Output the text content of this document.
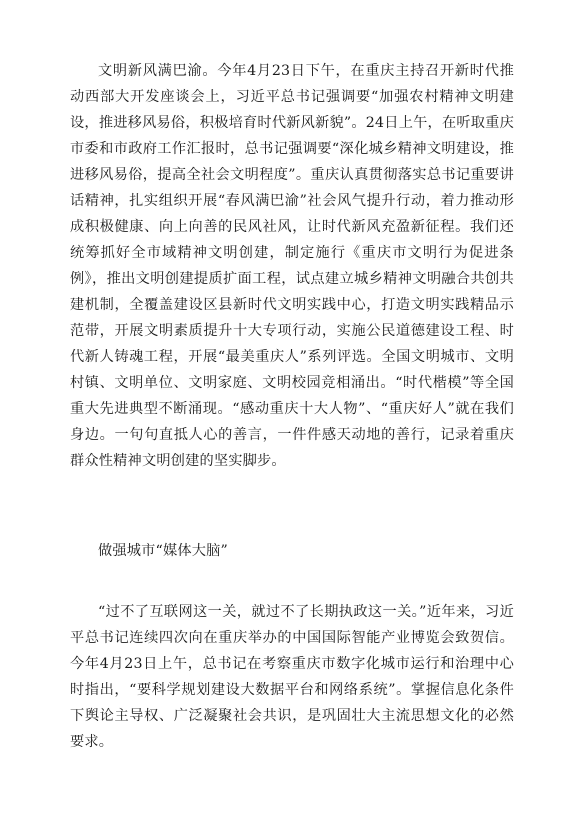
文明新风满巴渝。今年4月23日下午，在重庆主持召开新时代推动西部大开发座谈会上，习近平总书记强调要“加强农村精神文明建设，推进移风易俗，积极培育时代新风新貌”。24日上午，在听取重庆市委和市政府工作汇报时，总书记强调要“深化城乡精神文明建设，推进移风易俗，提高全社会文明程度”。重庆认真贯彻落实总书记重要讲话精神，扎实组织开展“春风满巴渝”社会风气提升行动，着力推动形成积极健康、向上向善的民风社风，让时代新风充盈新征程。我们还统筹抓好全市域精神文明创建，制定施行《重庆市文明行为促进条例》，推出文明创建提质扩面工程，试点建立城乡精神文明融合共创共建机制，全覆盖建设区县新时代文明实践中心，打造文明实践精品示范带，开展文明素质提升十大专项行动，实施公民道德建设工程、时代新人铸魂工程，开展“最美重庆人”系列评选。全国文明城市、文明村镇、文明单位、文明家庭、文明校园竞相涌出。“时代楷模”等全国重大先进典型不断涌现。“感动重庆十大人物”、“重庆好人”就在我们身边。一句句直抵人心的善言，一件件感天动地的善行，记录着重庆群众性精神文明创建的坚实脚步。

做强城市“媒体大脑”

“过不了互联网这一关，就过不了长期执政这一关。”近年来，习近平总书记连续四次向在重庆举办的中国国际智能产业博览会致贺信。今年4月23日上午，总书记在考察重庆市数字化城市运行和治理中心时指出，“要科学规划建设大数据平台和网络系统”。掌握信息化条件下舆论主导权、广泛凝聚社会共识，是巩固壮大主流思想文化的必然要求。
